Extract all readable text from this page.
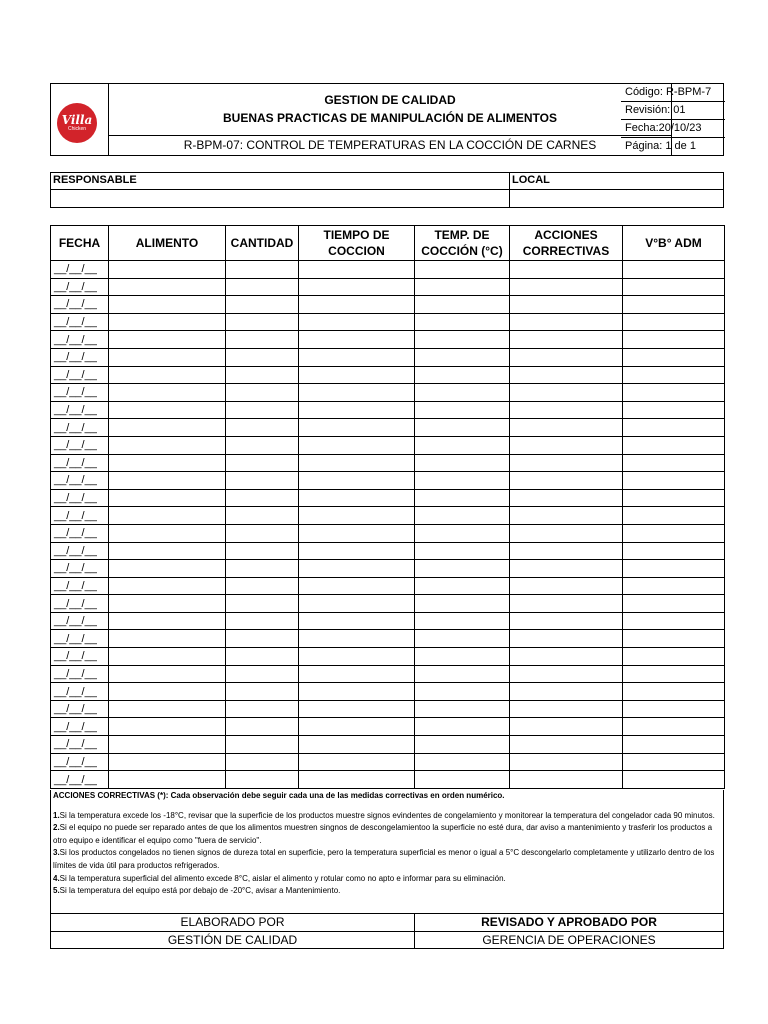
Villa
Chicken
GESTION DE CALIDAD
BUENAS PRACTICAS DE MANIPULACIÓN DE ALIMENTOS
R-BPM-07: CONTROL DE TEMPERATURAS EN LA COCCIÓN DE CARNES
Código: R-BPM-7
Revisión: 01
Fecha:20/10/23
Página: 1 de 1
RESPONSABLE	LOCAL
FECHA	ALIMENTO	CANTIDAD	TIEMPO DE COCCION	TEMP. DE COCCIÓN (°C)	ACCIONES CORRECTIVAS	V°B° ADM
__/__/__						
__/__/__						
__/__/__						
__/__/__						
__/__/__						
__/__/__						
__/__/__						
__/__/__						
__/__/__						
__/__/__						
__/__/__						
__/__/__						
__/__/__						
__/__/__						
__/__/__						
__/__/__						
__/__/__						
__/__/__						
__/__/__						
__/__/__						
__/__/__						
__/__/__						
__/__/__						
__/__/__						
__/__/__						
__/__/__						
__/__/__						
__/__/__						
__/__/__						
__/__/__						

ACCIONES CORRECTIVAS (*): Cada observación debe seguir cada una de las medidas correctivas en orden numérico.

1.Si la temperatura excede los -18°C, revisar que la superficie de los productos muestre signos evindentes de congelamiento y monitorear la temperatura del congelador cada 90 minutos.

2.Si el equipo no puede ser reparado antes de que los alimentos muestren singnos de descongelamientoo la superficie no esté dura, dar aviso a mantenimiento y trasferir los productos a otro equipo e identificar el equipo como "fuera de servicio".

3.Si los productos congelados no tienen signos de dureza total en superficie, pero la temperatura superficial es menor o igual a 5°C descongelarlo completamente y utilizarlo dentro de los límites de vida útil para productos refrigerados.

4.Si la temperatura superficial del alimento excede 8°C, aislar el alimento y rotular como no apto e informar para su eliminación.

5.Si la temperatura del equipo está por debajo de -20°C, avisar a Mantenimiento.

ELABORADO POR	REVISADO Y APROBADO POR
GESTIÓN DE CALIDAD	GERENCIA DE OPERACIONES
